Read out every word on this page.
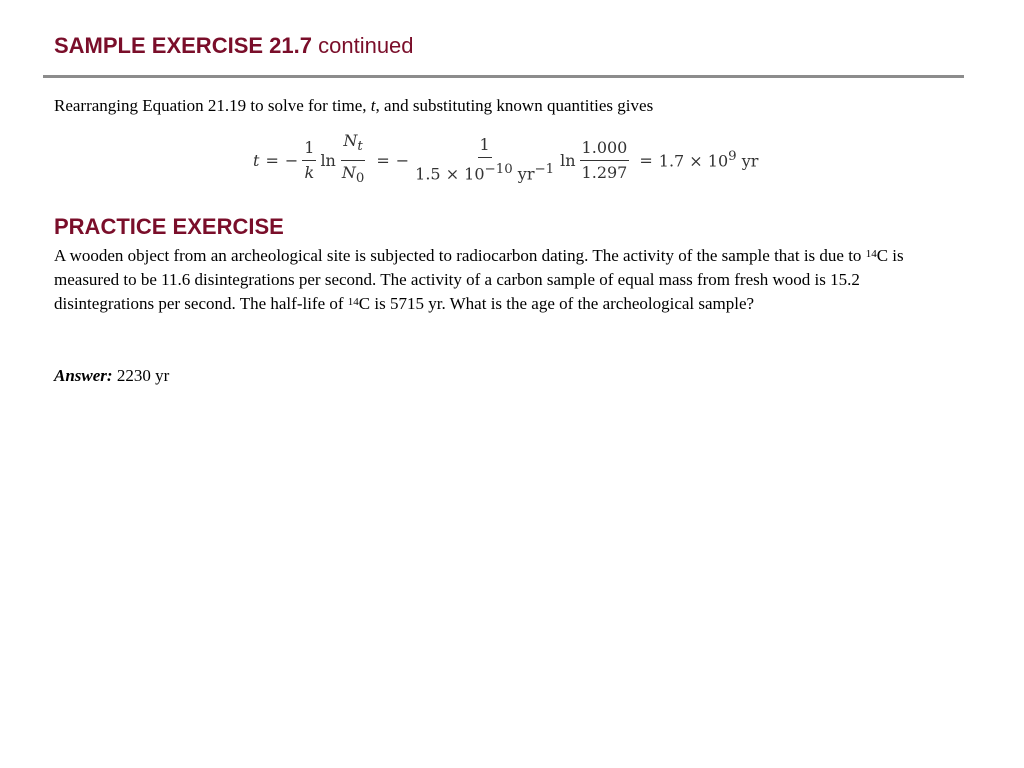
SAMPLE EXERCISE 21.7 continued
Rearranging Equation 21.19 to solve for time, t, and substituting known quantities gives
t = − $\frac{1}{k}$ $\ln \frac{N_t}{N_0}$ = − $\frac{1}{1.5 \times 10^{-10} yr^{-1}}$ $\ln \frac{1.000}{1.297} = 1.7 \times 10^9$ yr
PRACTICE EXERCISE
A wooden object from an archeological site is subjected to radiocarbon dating. The activity of the sample that is due to $^{14}$C is measured to be 11.6 disintegrations per second. The activity of a carbon sample of equal mass from fresh wood is 15.2 disintegrations per second. The half-life of $^{14}$C is 5715 yr. What is the age of the archeological sample?
Answer: 2230 yr
